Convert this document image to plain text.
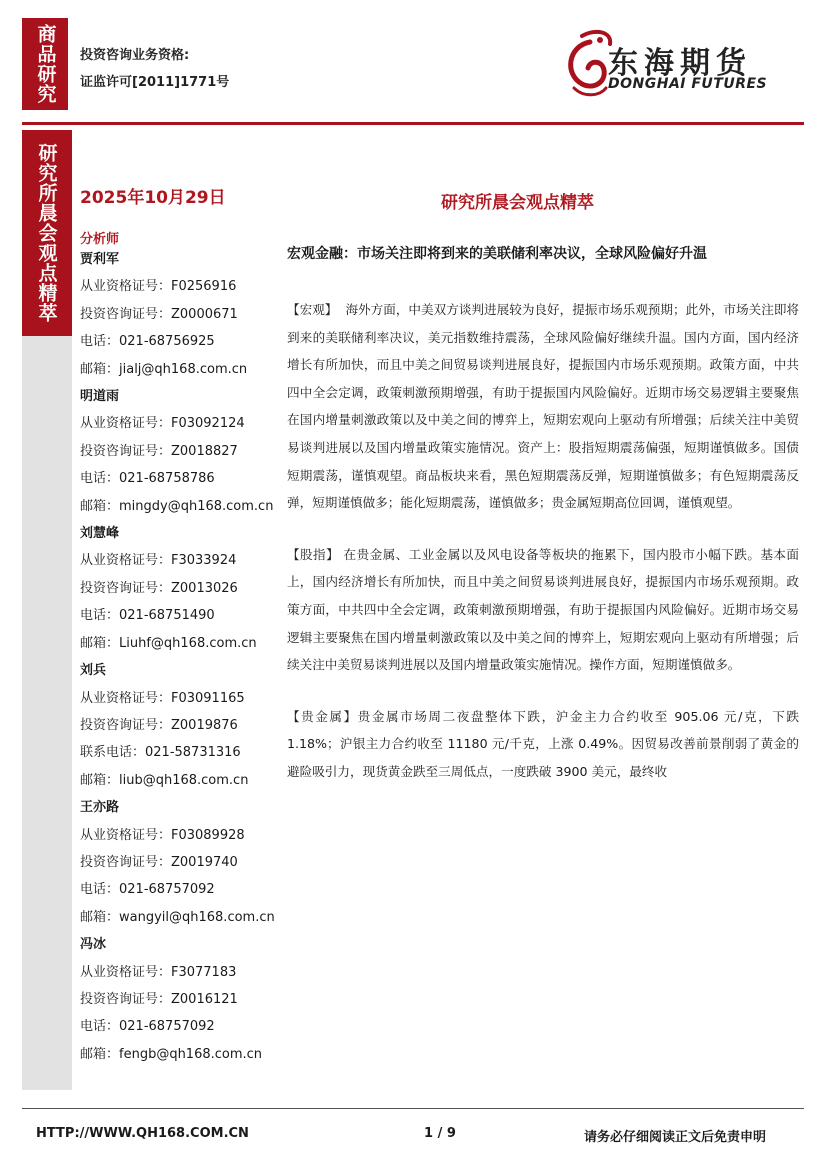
商品研究	投资咨询业务资格:
证监许可[2011]1771号
东海期货
DONGHAI FUTURES
研究所晨会观点精萃	2025年10月29日	研究所晨会观点精萃
分析师
贾利军
从业资格证号：F0256916
投资咨询证号：Z0000671
电话：021-68756925
邮箱：jialj@qh168.com.cn
明道雨
从业资格证号：F03092124
投资咨询证号：Z0018827
电话：021-68758786
邮箱：mingdy@qh168.com.cn
刘慧峰
从业资格证号：F3033924
投资咨询证号：Z0013026
电话：021-68751490
邮箱：Liuhf@qh168.com.cn
刘兵
从业资格证号：F03091165
投资咨询证号：Z0019876
联系电话：021-58731316
邮箱：liub@qh168.com.cn
王亦路
从业资格证号：F03089928
投资咨询证号：Z0019740
电话：021-68757092
邮箱：wangyil@qh168.com.cn
冯冰
从业资格证号：F3077183
投资咨询证号：Z0016121
电话：021-68757092
邮箱：fengb@qh168.com.cn
宏观金融：市场关注即将到来的美联储利率决议，全球风险偏好升温

【宏观】 海外方面，中美双方谈判进展较为良好，提振市场乐观预期；此外，市场关注即将到来的美联储利率决议，美元指数维持震荡，全球风险偏好继续升温。国内方面，国内经济增长有所加快，而且中美之间贸易谈判进展良好，提振国内市场乐观预期。政策方面，中共四中全会定调，政策刺激预期增强，有助于提振国内风险偏好。近期市场交易逻辑主要聚焦在国内增量刺激政策以及中美之间的博弈上，短期宏观向上驱动有所增强；后续关注中美贸易谈判进展以及国内增量政策实施情况。资产上：股指短期震荡偏强，短期谨慎做多。国债短期震荡，谨慎观望。商品板块来看，黑色短期震荡反弹，短期谨慎做多；有色短期震荡反弹，短期谨慎做多；能化短期震荡，谨慎做多；贵金属短期高位回调，谨慎观望。

【股指】 在贵金属、工业金属以及风电设备等板块的拖累下，国内股市小幅下跌。基本面上，国内经济增长有所加快，而且中美之间贸易谈判进展良好，提振国内市场乐观预期。政策方面，中共四中全会定调，政策刺激预期增强，有助于提振国内风险偏好。近期市场交易逻辑主要聚焦在国内增量刺激政策以及中美之间的博弈上，短期宏观向上驱动有所增强；后续关注中美贸易谈判进展以及国内增量政策实施情况。操作方面，短期谨慎做多。

【贵金属】贵金属市场周二夜盘整体下跌，沪金主力合约收至 905.06 元/克，下跌 1.18%；沪银主力合约收至 11180 元/千克，上涨 0.49%。因贸易改善前景削弱了黄金的避险吸引力，现货黄金跌至三周低点，一度跌破 3900 美元，最终收

HTTP://WWW.QH168.COM.CN	1 / 9	请务必仔细阅读正文后免责申明
